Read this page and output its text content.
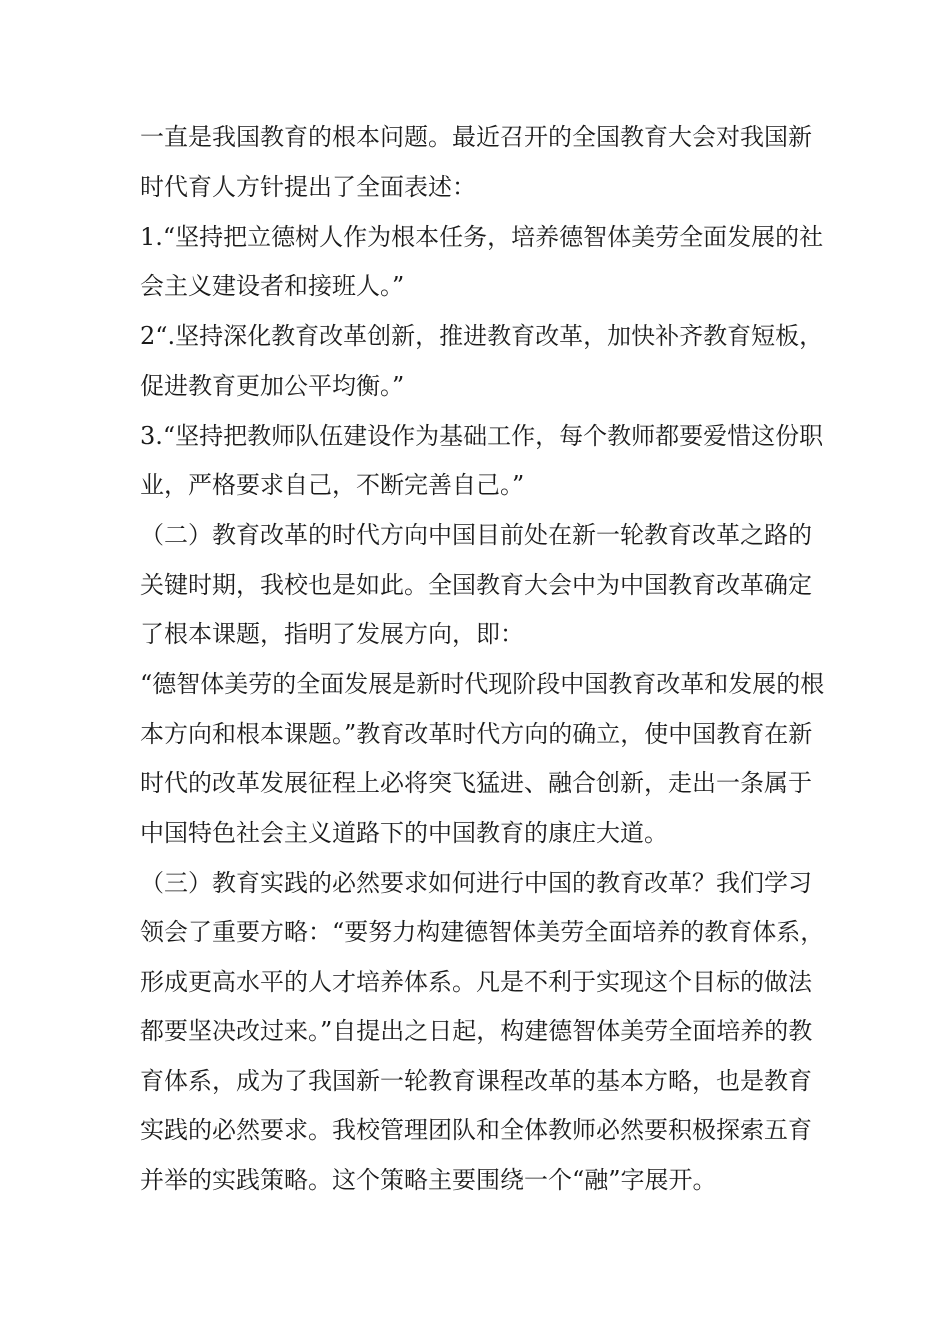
一直是我国教育的根本问题。最近召开的全国教育大会对我国新时代育人方针提出了全面表述：

1.“坚持把立德树人作为根本任务，培养德智体美劳全面发展的社会主义建设者和接班人。”

2“.坚持深化教育改革创新，推进教育改革，加快补齐教育短板，促进教育更加公平均衡。”

3.“坚持把教师队伍建设作为基础工作，每个教师都要爱惜这份职业，严格要求自己，不断完善自己。”

（二）教育改革的时代方向中国目前处在新一轮教育改革之路的关键时期，我校也是如此。全国教育大会中为中国教育改革确定了根本课题，指明了发展方向，即：

“德智体美劳的全面发展是新时代现阶段中国教育改革和发展的根本方向和根本课题。”教育改革时代方向的确立，使中国教育在新时代的改革发展征程上必将突飞猛进、融合创新，走出一条属于中国特色社会主义道路下的中国教育的康庄大道。

（三）教育实践的必然要求如何进行中国的教育改革？我们学习领会了重要方略：“要努力构建德智体美劳全面培养的教育体系，形成更高水平的人才培养体系。凡是不利于实现这个目标的做法都要坚决改过来。”自提出之日起，构建德智体美劳全面培养的教育体系，成为了我国新一轮教育课程改革的基本方略，也是教育实践的必然要求。我校管理团队和全体教师必然要积极探索五育并举的实践策略。这个策略主要围绕一个“融”字展开。
